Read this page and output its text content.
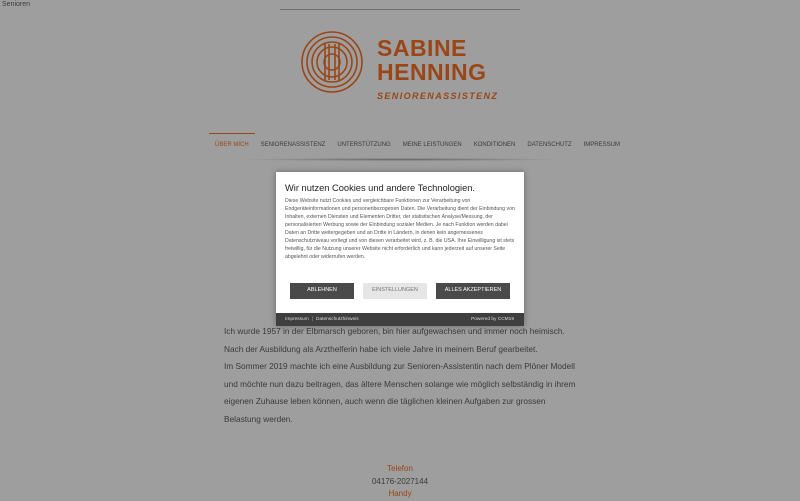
Senioren
SABINE
HENNING
SENIORENASSISTENZ
ÜBER MICH	SENIORENASSISTENZ	UNTERSTÜTZUNG	MEINE LEISTUNGEN	KONDITIONEN	DATENSCHUTZ	IMPRESSUM

Ich wurde 1957 in der Elbmarsch geboren, bin hier aufgewachsen und immer noch heimisch. Nach der Ausbildung als Arzthelferin habe ich viele Jahre in meinem Beruf gearbeitet.

Im Sommer 2019 machte ich eine Ausbildung zur Senioren-Assistentin nach dem Plöner Modell und möchte nun dazu beitragen, das ältere Menschen solange wie möglich selbständig in ihrem eigenen Zuhause leben können, auch wenn die täglichen kleinen Aufgaben zur grossen Belastung werden.

Telefon
04176-2027144
Handy
Wir nutzen Cookies und andere Technologien.
Diese Website nutzt Cookies und vergleichbare Funktionen zur Verarbeitung von Endgeräteinformationen und personenbezogenen Daten. Die Verarbeitung dient der Einbindung von Inhalten, externen Diensten und Elementen Dritter, der statistischen Analyse/Messung, der personalisierten Werbung sowie der Einbindung sozialer Medien. Je nach Funktion werden dabei Daten an Dritte weitergegeben und an Dritte in Ländern, in denen kein angemessenes Datenschutzniveau vorliegt und von diesen verarbeitet wird, z. B. die USA. Ihre Einwilligung ist stets freiwillig, für die Nutzung unserer Website nicht erforderlich und kann jederzeit auf unserer Seite abgelehnt oder widerrufen werden.
ABLEHNEN	EINSTELLUNGEN	ALLES AKZEPTIEREN
Impressum | Datenschutzhinweis	Powered by CCM19
